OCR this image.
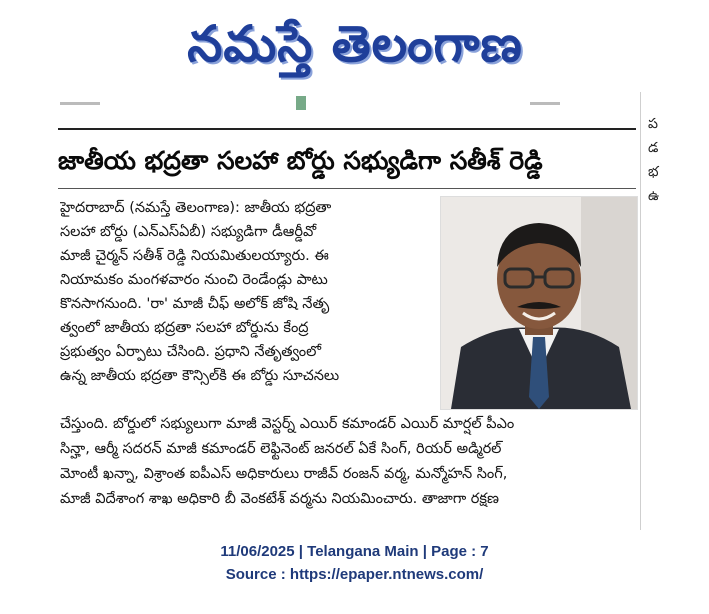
నమస్తే తెలంగాణ
జాతీయ భద్రతా సలహా బోర్డు సభ్యుడిగా సతీశ్ రెడ్డి

హైదరాబాద్ (నమస్తే తెలంగాణ): జాతీయ భద్రతా

సలహా బోర్డు (ఎన్ఎస్ఏబీ) సభ్యుడిగా డీఆర్డీవో

మాజీ చైర్మన్ సతీశ్ రెడ్డి నియమితులయ్యారు. ఈ

నియామకం మంగళవారం నుంచి రెండేండ్లు పాటు

కొనసాగనుంది. 'రా' మాజీ చీఫ్ అలోక్ జోషి నేతృ

త్వంలో జాతీయ భద్రతా సలహా బోర్డును కేంద్ర

ప్రభుత్వం ఏర్పాటు చేసింది. ప్రధాని నేతృత్వంలో

ఉన్న జాతీయ భద్రతా కౌన్సిల్‌కి ఈ బోర్డు సూచనలు

చేస్తుంది. బోర్డులో సభ్యులుగా మాజీ వెస్టర్న్ ఎయిర్ కమాండర్ ఎయిర్ మార్షల్ పీఎం

సిన్హా, ఆర్మీ సదరన్ మాజీ కమాండర్ లెఫ్టినెంట్ జనరల్ ఏకే సింగ్, రియర్ అడ్మిరల్

మోంటీ ఖన్నా, విశ్రాంత ఐపీఎస్ అధికారులు రాజీవ్ రంజన్ వర్మ, మన్మోహన్ సింగ్,

మాజీ విదేశాంగ శాఖ అధికారి బీ వెంకటేశ్ వర్మను నియమించారు. తాజాగా రక్షణ

ప

డ

భ

ఉ

11/06/2025 | Telangana Main | Page : 7
Source : https://epaper.ntnews.com/
